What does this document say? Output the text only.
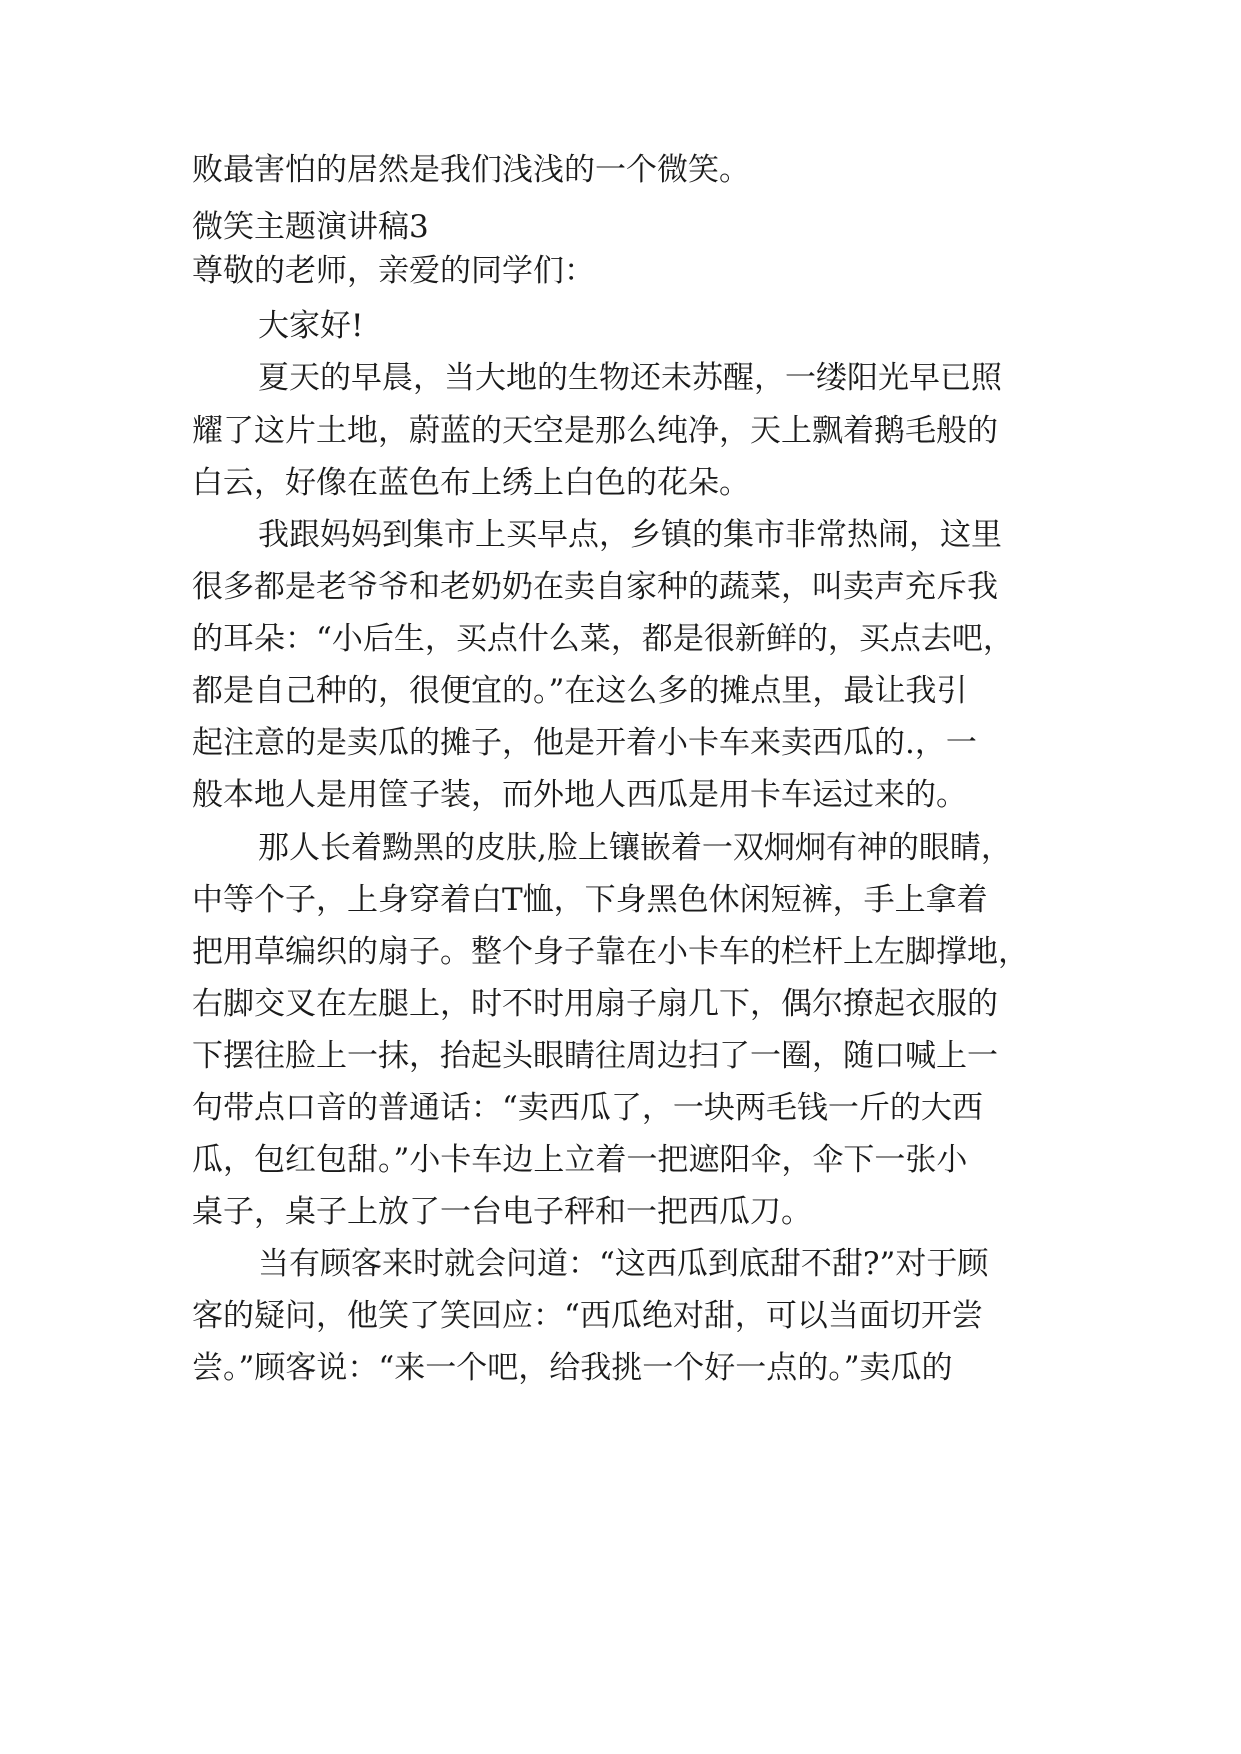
败最害怕的居然是我们浅浅的一个微笑。
微笑主题演讲稿3
尊敬的老师，亲爱的同学们：
大家好!
夏天的早晨，当大地的生物还未苏醒，一缕阳光早已照
耀了这片土地，蔚蓝的天空是那么纯净，天上飘着鹅毛般的
白云，好像在蓝色布上绣上白色的花朵。
我跟妈妈到集市上买早点，乡镇的集市非常热闹，这里
很多都是老爷爷和老奶奶在卖自家种的蔬菜，叫卖声充斥我
的耳朵：“小后生，买点什么菜，都是很新鲜的，买点去吧，
都是自己种的，很便宜的。”在这么多的摊点里，最让我引
起注意的是卖瓜的摊子，他是开着小卡车来卖西瓜的.，一
般本地人是用筐子装，而外地人西瓜是用卡车运过来的。
那人长着黝黑的皮肤,脸上镶嵌着一双炯炯有神的眼睛，
中等个子，上身穿着白T恤，下身黑色休闲短裤，手上拿着
把用草编织的扇子。整个身子靠在小卡车的栏杆上左脚撑地，
右脚交叉在左腿上，时不时用扇子扇几下，偶尔撩起衣服的
下摆往脸上一抹，抬起头眼睛往周边扫了一圈，随口喊上一
句带点口音的普通话：“卖西瓜了，一块两毛钱一斤的大西
瓜，包红包甜。”小卡车边上立着一把遮阳伞，伞下一张小
桌子，桌子上放了一台电子秤和一把西瓜刀。
当有顾客来时就会问道：“这西瓜到底甜不甜?”对于顾
客的疑问，他笑了笑回应：“西瓜绝对甜，可以当面切开尝
尝。”顾客说：“来一个吧，给我挑一个好一点的。”卖瓜的
